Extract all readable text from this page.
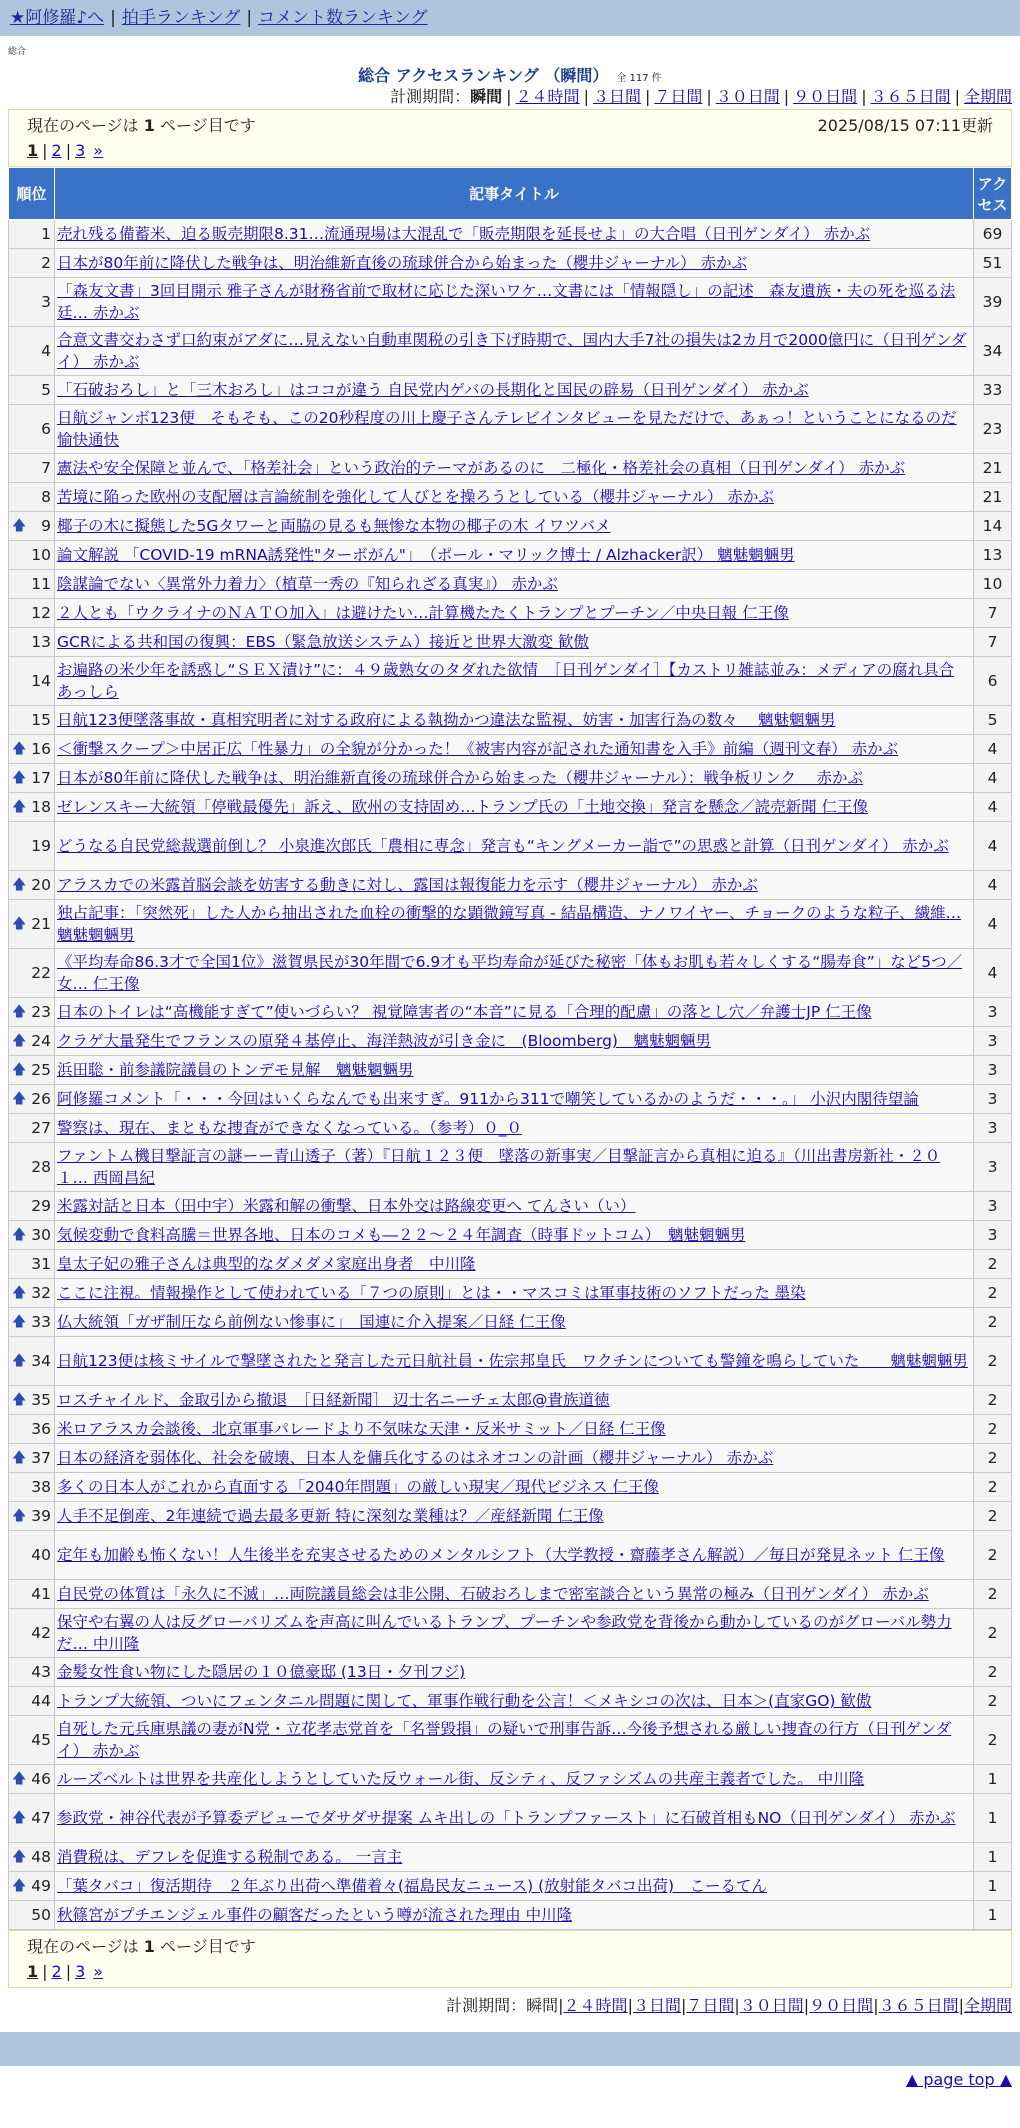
★阿修羅♪へ | 拍手ランキング | コメント数ランキング
総合
総合 アクセスランキング （瞬間） 全 117 件
計測期間：瞬間 | ２４時間 | ３日間 | ７日間 | ３０日間 | ９０日間 | ３６５日間 | 全期間
現在のページは 1 ページ目です	2025/08/15 07:11更新
1 | 2 | 3 »
順位	記事タイトル	アクセス
1	売れ残る備蓄米、迫る販売期限8.31…流通現場は大混乱で「販売期限を延長せよ」の大合唱（日刊ゲンダイ） 赤かぶ	69
2	日本が80年前に降伏した戦争は、明治維新直後の琉球併合から始まった（櫻井ジャーナル） 赤かぶ	51
3	「森友文書」3回目開示 雅子さんが財務省前で取材に応じた深いワケ…文書には「情報隠し」の記述　森友遺族・夫の死を巡る法廷… 赤かぶ	39
4	合意文書交わさず口約束がアダに…見えない自動車関税の引き下げ時期で、国内大手7社の損失は2カ月で2000億円に（日刊ゲンダイ） 赤かぶ	34
5	「石破おろし」と「三木おろし」はココが違う 自民党内ゲバの長期化と国民の辟易（日刊ゲンダイ） 赤かぶ	33
6	日航ジャンボ123便　そもそも、この20秒程度の川上慶子さんテレビインタビューを見ただけで、あぁっ！ということになるのだ 愉快通快	23
7	憲法や安全保障と並んで、「格差社会」という政治的テーマがあるのに　二極化・格差社会の真相（日刊ゲンダイ） 赤かぶ	21
8	苦境に陥った欧州の支配層は言論統制を強化して人びとを操ろうとしている（櫻井ジャーナル） 赤かぶ	21

🡅 9	椰子の木に擬態した5Gタワーと両脇の見るも無惨な本物の椰子の木 イワツバメ	14
10	論文解説 「COVID-19 mRNA誘発性"ターボがん"」　（ポール・マリック博士 / Alzhacker訳） 魑魅魍魎男	13
11	陰謀論でない〈異常外力着力〉（植草一秀の『知られざる真実』） 赤かぶ	10
12	２人とも「ウクライナのＮＡＴＯ加入」は避けたい…計算機たたくトランプとプーチン／中央日報 仁王像	7
13	GCRによる共和国の復興：EBS（緊急放送システム）接近と世界大激変 歓傲	7
14	お遍路の米少年を誘惑し“ＳＥＸ漬け”に：４９歳熟女のタダれた欲情　［日刊ゲンダイ］【カストリ雑誌並み：メディアの腐れ具合 あっしら	6
15	日航123便墜落事故・真相究明者に対する政府による執拗かつ違法な監視、妨害・加害行為の数々　 魑魅魍魎男	5

🡅 16	＜衝撃スクープ＞中居正広「性暴力」の全貌が分かった！《被害内容が記された通知書を入手》前編（週刊文春） 赤かぶ	4

🡅 17	日本が80年前に降伏した戦争は、明治維新直後の琉球併合から始まった（櫻井ジャーナル）：戦争板リンク　 赤かぶ	4

🡅 18	ゼレンスキー大統領「停戦最優先」訴え、欧州の支持固め…トランプ氏の「土地交換」発言を懸念／読売新聞 仁王像	4
19	どうなる自民党総裁選前倒し？ 小泉進次郎氏「農相に専念」発言も“キングメーカー詣で”の思惑と計算（日刊ゲンダイ） 赤かぶ	4

🡅 20	アラスカでの米露首脳会談を妨害する動きに対し、露国は報復能力を示す（櫻井ジャーナル） 赤かぶ	4

🡅 21	独占記事：「突然死」した人から抽出された血栓の衝撃的な顕微鏡写真 - 結晶構造、ナノワイヤー、チョークのような粒子、繊維… 魑魅魍魎男	4
22	《平均寿命86.3才で全国1位》滋賀県民が30年間で6.9才も平均寿命が延びた秘密「体もお肌も若々しくする“腸寿食”」など5つ／女… 仁王像	4

🡅 23	日本のトイレは“高機能すぎて”使いづらい？ 視覚障害者の“本音”に見る「合理的配慮」の落とし穴／弁護士JP 仁王像	3

🡅 24	クラゲ大量発生でフランスの原発４基停止、海洋熱波が引き金に　(Bloomberg)　魑魅魍魎男	3

🡅 25	浜田聡・前参議院議員のトンデモ見解　魑魅魍魎男	3

🡅 26	阿修羅コメント「・・・今回はいくらなんでも出来すぎ。911から311で嘲笑しているかのようだ・・・。」 小沢内閣待望論	3
27	警察は、現在、まともな捜査ができなくなっている。（参考）０_０	3
28	ファントム機目撃証言の謎ーー青山透子（著）『日航１２３便　墜落の新事実／目撃証言から真相に迫る』（川出書房新社・２０１… 西岡昌紀	3
29	米露対話と日本（田中宇）米露和解の衝撃、日本外交は路線変更へ てんさい（い）	3

🡅 30	気候変動で食料高騰＝世界各地、日本のコメも―２２～２４年調査（時事ドットコム）　魑魅魍魎男	3
31	皇太子妃の雅子さんは典型的なダメダメ家庭出身者　中川隆	2

🡅 32	ここに注視。情報操作として使われている「７つの原則」とは・・マスコミは軍事技術のソフトだった 墨染	2

🡅 33	仏大統領「ガザ制圧なら前例ない惨事に」　国連に介入提案／日経 仁王像	2

🡅 34	日航123便は核ミサイルで撃墜されたと発言した元日航社員・佐宗邦皇氏　ワクチンについても警鐘を鳴らしていた　　魑魅魍魎男	2

🡅 35	ロスチャイルド、金取引から撤退　［日経新聞］ 辺士名ニーチェ太郎@貴族道徳	2
36	米ロアラスカ会談後、北京軍事パレードより不気味な天津・反米サミット／日経 仁王像	2

🡅 37	日本の経済を弱体化、社会を破壊、日本人を傭兵化するのはネオコンの計画（櫻井ジャーナル） 赤かぶ	2
38	多くの日本人がこれから直面する「2040年問題」の厳しい現実／現代ビジネス 仁王像	2

🡅 39	人手不足倒産、2年連続で過去最多更新 特に深刻な業種は？／産経新聞 仁王像	2
40	定年も加齢も怖くない！人生後半を充実させるためのメンタルシフト（大学教授・齋藤孝さん解説）／毎日が発見ネット 仁王像	2
41	自民党の体質は「永久に不滅」…両院議員総会は非公開、石破おろしまで密室談合という異常の極み（日刊ゲンダイ） 赤かぶ	2
42	保守や右翼の人は反グローバリズムを声高に叫んでいるトランプ、プーチンや参政党を背後から動かしているのがグローバル勢力だ… 中川隆	2
43	金髪女性食い物にした隠居の１０億豪邸 (13日・夕刊フジ)	2
44	トランプ大統領、ついにフェンタニル問題に関して、軍事作戦行動を公言！＜メキシコの次は、日本＞(直家GO) 歓傲	2
45	自死した元兵庫県議の妻がN党・立花孝志党首を「名誉毀損」の疑いで刑事告訴…今後予想される厳しい捜査の行方（日刊ゲンダイ） 赤かぶ	2

🡅 46	ルーズベルトは世界を共産化しようとしていた反ウォール街、反シティ、反ファシズムの共産主義者でした。 中川隆	1

🡅 47	参政党・神谷代表が予算委デビューでダサダサ提案 ムキ出しの「トランプファースト」に石破首相もNO（日刊ゲンダイ） 赤かぶ	1

🡅 48	消費税は、デフレを促進する税制である。 一言主	1

🡅 49	「葉タバコ」復活期待　２年ぶり出荷へ準備着々(福島民友ニュース) (放射能タバコ出荷)　こーるてん	1
50	秋篠宮がプチエンジェル事件の顧客だったという噂が流された理由 中川隆	1
現在のページは 1 ページ目です
1 | 2 | 3 »
計測期間：瞬間|２４時間|３日間|７日間|３０日間|９０日間|３６５日間|全期間
▲ page top ▲
